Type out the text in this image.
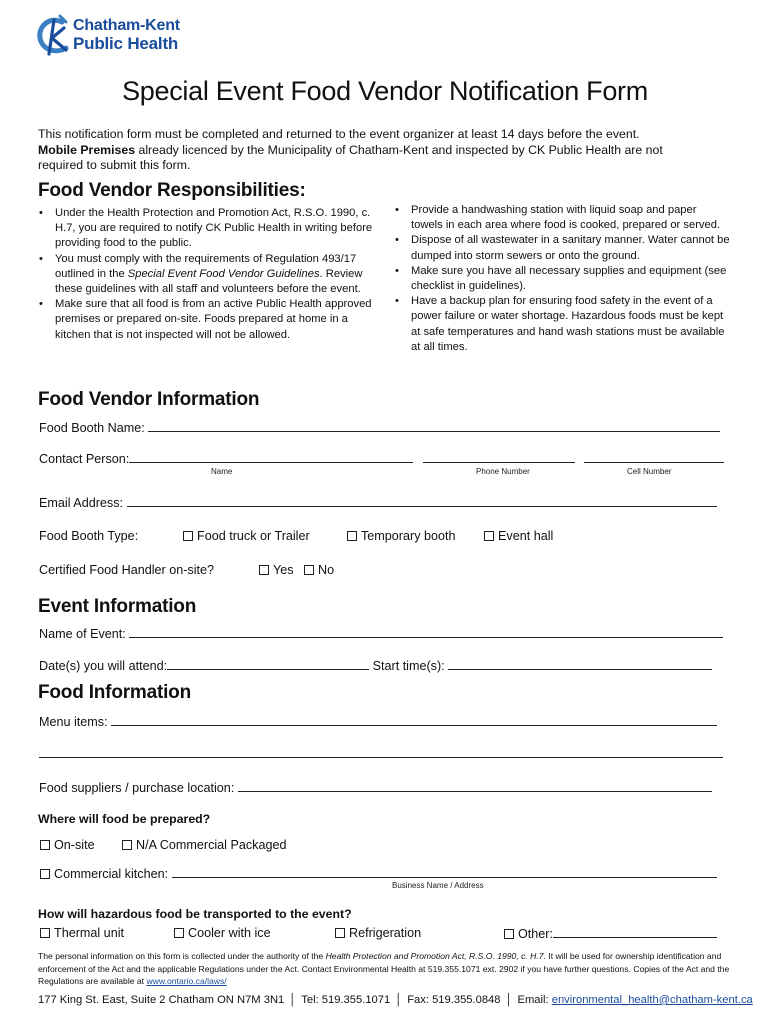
Chatham-Kent
Public Health
Special Event Food Vendor Notification Form
This notification form must be completed and returned to the event organizer at least 14 days before the event.
Mobile Premises already licenced by the Municipality of Chatham-Kent and inspected by CK Public Health are not
required to submit this form.
Food Vendor Responsibilities:
• Under the Health Protection and Promotion Act, R.S.O. 1990, c. H.7, you are required to notify CK Public Health in writing before providing food to the public.
• You must comply with the requirements of Regulation 493/17 outlined in the Special Event Food Vendor Guidelines. Review these guidelines with all staff and volunteers before the event.
• Make sure that all food is from an active Public Health approved premises or prepared on-site. Foods prepared at home in a kitchen that is not inspected will not be allowed.
• Provide a handwashing station with liquid soap and paper towels in each area where food is cooked, prepared or served.
• Dispose of all wastewater in a sanitary manner. Water cannot be dumped into storm sewers or onto the ground.
• Make sure you have all necessary supplies and equipment (see checklist in guidelines).
• Have a backup plan for ensuring food safety in the event of a power failure or water shortage. Hazardous foods must be kept at safe temperatures and hand wash stations must be available at all times.
Food Vendor Information
Food Booth Name:
Contact Person:
Name	Phone Number	Cell Number
Email Address:
Food Booth Type:	Food truck or Trailer	Temporary booth	Event hall
Certified Food Handler on-site?	Yes	No
Event Information
Name of Event:
Date(s) you will attend:	Start time(s):
Food Information
Menu items:
Food suppliers / purchase location:
Where will food be prepared?
On-site	N/A Commercial Packaged
Commercial kitchen:
Business Name / Address
How will hazardous food be transported to the event?
Thermal unit	Cooler with ice	Refrigeration	Other:
The personal information on this form is collected under the authority of the Health Protection and Promotion Act, R.S.O. 1990, c. H.7. It will be used for ownership identification and enforcement of the Act and the applicable Regulations under the Act. Contact Environmental Health at 519.355.1071 ext. 2902 if you have further questions. Copies of the Act and the Regulations are available at www.ontario.ca/laws/
177 King St. East, Suite 2 Chatham ON N7M 3N1 │ Tel: 519.355.1071 │ Fax: 519.355.0848 │ Email: environmental_health@chatham-kent.ca
